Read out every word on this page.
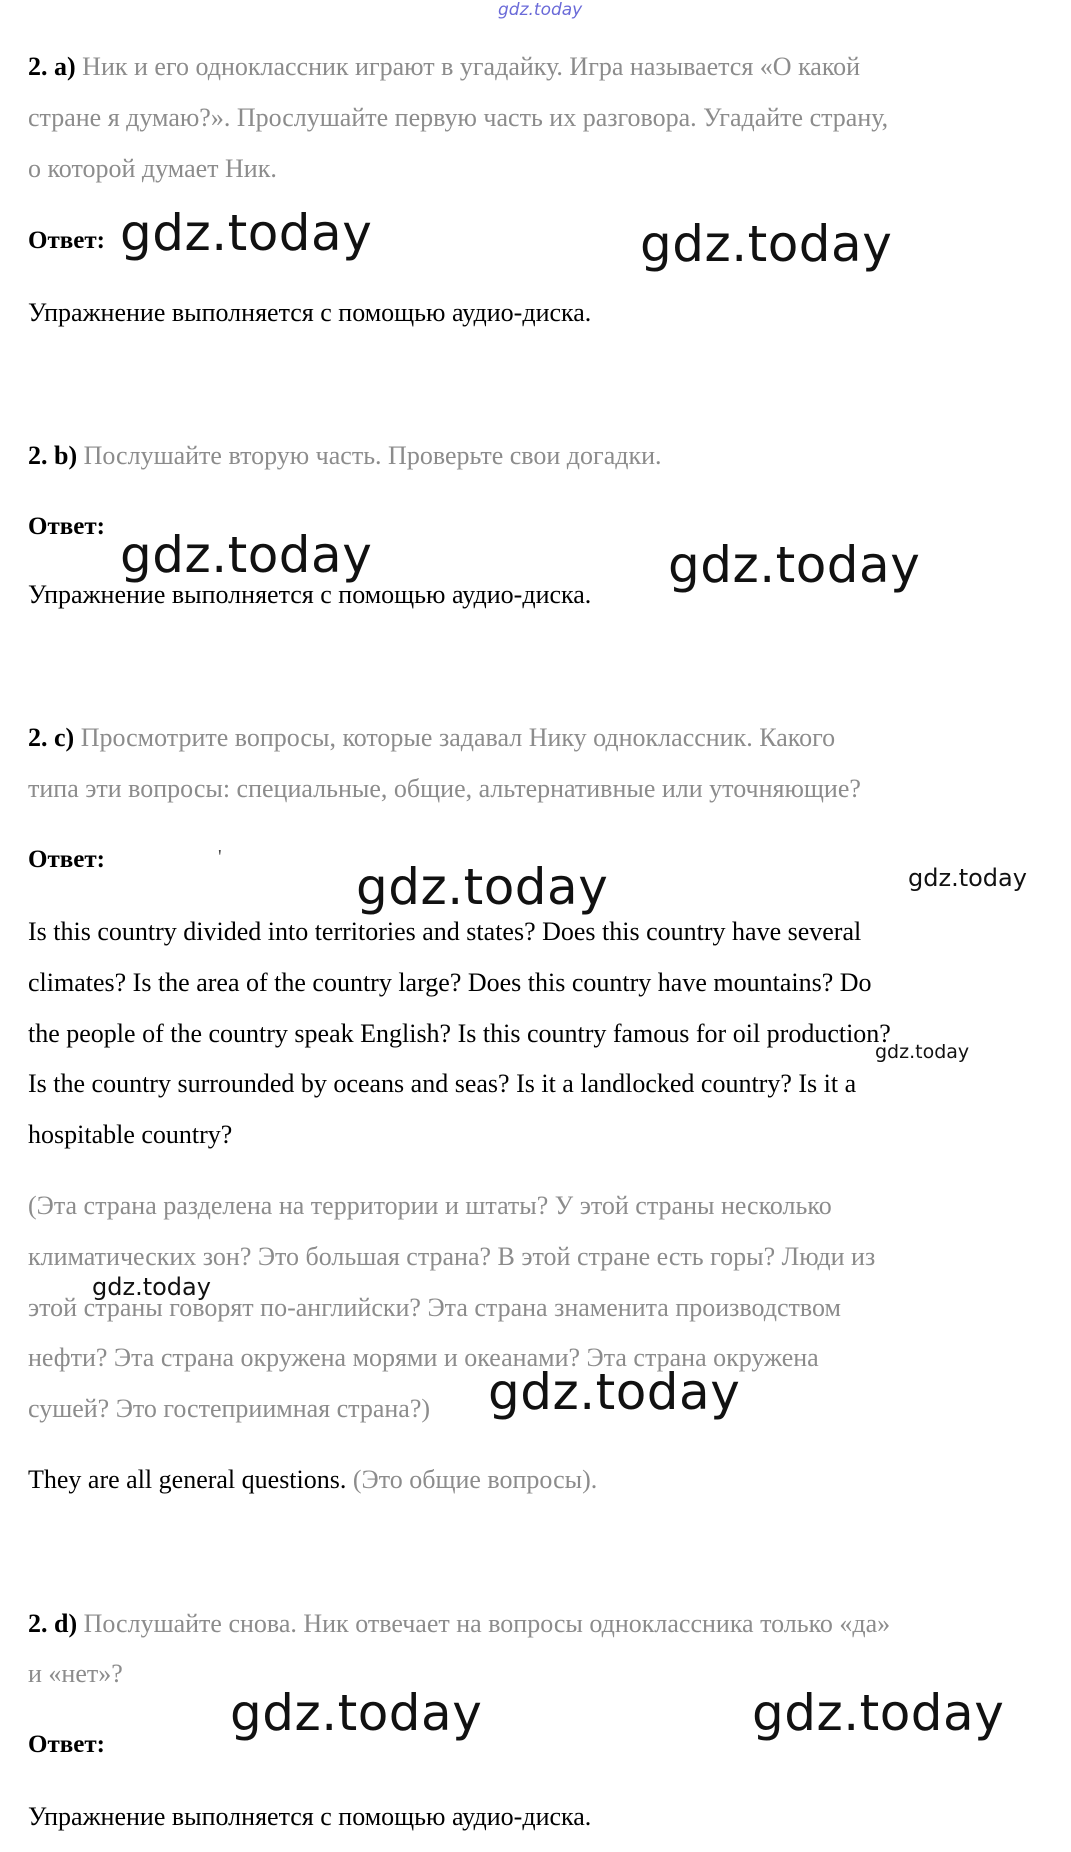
gdz.today
2. a) Ник и его одноклассник играют в угадайку. Игра называется «О какой
стране я думаю?». Прослушайте первую часть их разговора. Угадайте страну,
о которой думает Ник.
Ответ: gdz.today	gdz.today
Упражнение выполняется с помощью аудио-диска.
2. b) Послушайте вторую часть. Проверьте свои догадки.
Ответ: gdz.today	gdz.today
Упражнение выполняется с помощью аудио-диска.
2. c) Просмотрите вопросы, которые задавал Нику одноклассник. Какого
типа эти вопросы: специальные, общие, альтернативные или уточняющие?
Ответ:	'
gdz.today	gdz.today
Is this country divided into territories and states? Does this country have several
climates? Is the area of the country large? Does this country have mountains? Do
the people of the country speak English? Is this country famous for oil production?
gdz.today
Is the country surrounded by oceans and seas? Is it a landlocked country? Is it a
hospitable country?
(Эта страна разделена на территории и штаты? У этой страны несколько
климатических зон? Это большая страна? В этой стране есть горы? Люди из
gdz.today
этой страны говорят по-английски? Эта страна знаменита производством
нефти? Эта страна окружена морями и океанами? Эта страна окружена
сушей? Это гостеприимная страна?) gdz.today
They are all general questions. (Это общие вопросы).
2. d) Послушайте снова. Ник отвечает на вопросы одноклассника только «да»
и «нет»?
gdz.today	gdz.today
Ответ:
Упражнение выполняется с помощью аудио-диска.
